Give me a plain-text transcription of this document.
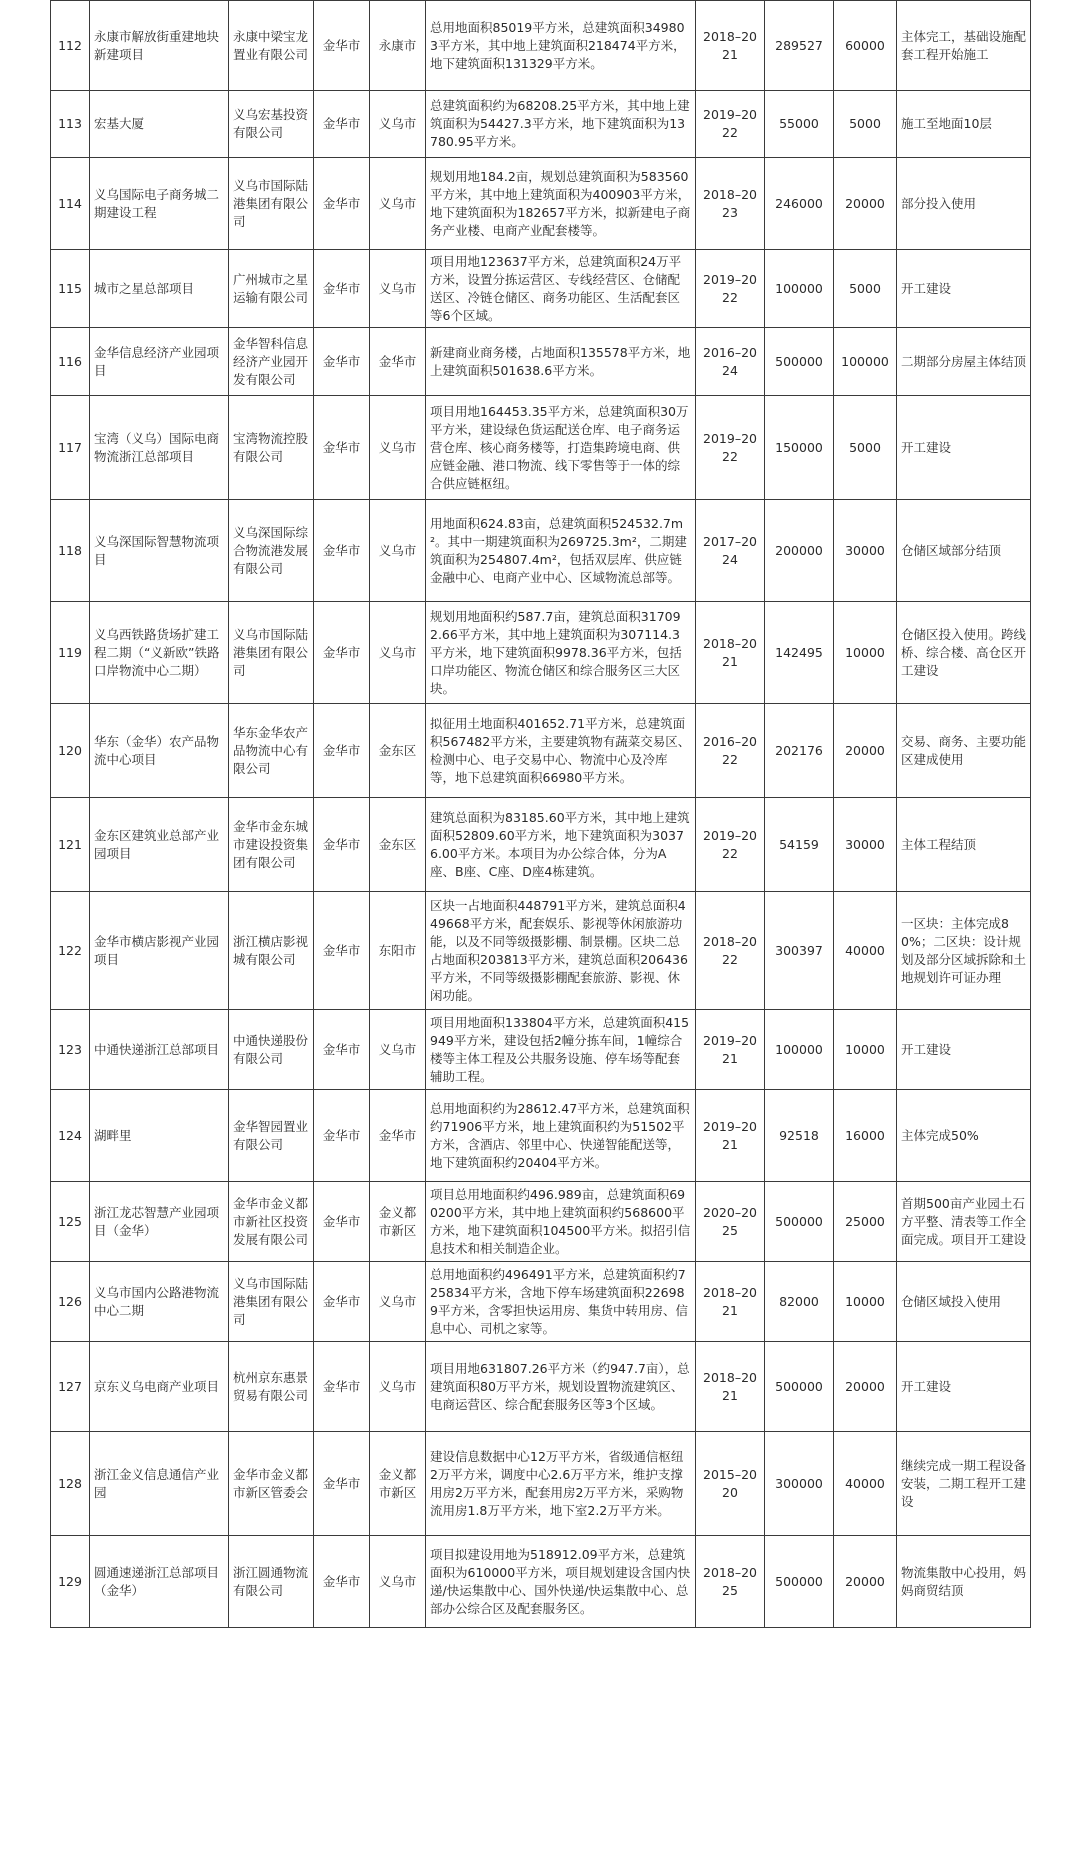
112	永康市解放街重建地块新建项目	永康中梁宝龙置业有限公司	金华市	永康市	总用地面积85019平方米，总建筑面积349803平方米，其中地上建筑面积218474平方米，地下建筑面积131329平方米。	2018–2021	289527	60000	主体完工，基础设施配套工程开始施工
113	宏基大厦	义乌宏基投资有限公司	金华市	义乌市	总建筑面积约为68208.25平方米，其中地上建筑面积为54427.3平方米，地下建筑面积为13780.95平方米。	2019–2022	55000	5000	施工至地面10层
114	义乌国际电子商务城二期建设工程	义乌市国际陆港集团有限公司	金华市	义乌市	规划用地184.2亩，规划总建筑面积为583560平方米，其中地上建筑面积为400903平方米，地下建筑面积为182657平方米，拟新建电子商务产业楼、电商产业配套楼等。	2018–2023	246000	20000	部分投入使用
115	城市之星总部项目	广州城市之星运输有限公司	金华市	义乌市	项目用地123637平方米，总建筑面积24万平方米，设置分拣运营区、专线经营区、仓储配送区、冷链仓储区、商务功能区、生活配套区等6个区域。	2019–2022	100000	5000	开工建设
116	金华信息经济产业园项目	金华智科信息经济产业园开发有限公司	金华市	金华市	新建商业商务楼，占地面积135578平方米，地上建筑面积501638.6平方米。	2016–2024	500000	100000	二期部分房屋主体结顶
117	宝湾（义乌）国际电商物流浙江总部项目	宝湾物流控股有限公司	金华市	义乌市	项目用地164453.35平方米，总建筑面积30万平方米，建设绿色货运配送仓库、电子商务运营仓库、核心商务楼等，打造集跨境电商、供应链金融、港口物流、线下零售等于一体的综合供应链枢纽。	2019–2022	150000	5000	开工建设
118	义乌深国际智慧物流项目	义乌深国际综合物流港发展有限公司	金华市	义乌市	用地面积624.83亩，总建筑面积524532.7m²。其中一期建筑面积为269725.3m²，二期建筑面积为254807.4m²，包括双层库、供应链金融中心、电商产业中心、区域物流总部等。	2017–2024	200000	30000	仓储区域部分结顶
119	义乌西铁路货场扩建工程二期（“义新欧”铁路口岸物流中心二期）	义乌市国际陆港集团有限公司	金华市	义乌市	规划用地面积约587.7亩，建筑总面积317092.66平方米，其中地上建筑面积为307114.3平方米，地下建筑面积9978.36平方米，包括口岸功能区、物流仓储区和综合服务区三大区块。	2018–2021	142495	10000	仓储区投入使用。跨线桥、综合楼、高仓区开工建设
120	华东（金华）农产品物流中心项目	华东金华农产品物流中心有限公司	金华市	金东区	拟征用土地面积401652.71平方米，总建筑面积567482平方米，主要建筑物有蔬菜交易区、检测中心、电子交易中心、物流中心及冷库等，地下总建筑面积66980平方米。	2016–2022	202176	20000	交易、商务、主要功能区建成使用
121	金东区建筑业总部产业园项目	金华市金东城市建设投资集团有限公司	金华市	金东区	建筑总面积为83185.60平方米，其中地上建筑面积52809.60平方米，地下建筑面积为30376.00平方米。本项目为办公综合体，分为A座、B座、C座、D座4栋建筑。	2019–2022	54159	30000	主体工程结顶
122	金华市横店影视产业园项目	浙江横店影视城有限公司	金华市	东阳市	区块一占地面积448791平方米，建筑总面积449668平方米，配套娱乐、影视等休闲旅游功能，以及不同等级摄影棚、制景棚。区块二总占地面积203813平方米，建筑总面积206436平方米，不同等级摄影棚配套旅游、影视、休闲功能。	2018–2022	300397	40000	一区块：主体完成80%；二区块：设计规划及部分区域拆除和土地规划许可证办理
123	中通快递浙江总部项目	中通快递股份有限公司	金华市	义乌市	项目用地面积133804平方米，总建筑面积415949平方米，建设包括2幢分拣车间，1幢综合楼等主体工程及公共服务设施、停车场等配套辅助工程。	2019–2021	100000	10000	开工建设
124	湖畔里	金华智园置业有限公司	金华市	金华市	总用地面积约为28612.47平方米，总建筑面积约71906平方米，地上建筑面积约为51502平方米，含酒店、邻里中心、快递智能配送等，地下建筑面积约20404平方米。	2019–2021	92518	16000	主体完成50%
125	浙江龙芯智慧产业园项目（金华）	金华市金义都市新社区投资发展有限公司	金华市	金义都市新区	项目总用地面积约496.989亩，总建筑面积690200平方米，其中地上建筑面积约568600平方米，地下建筑面积104500平方米。拟招引信息技术和相关制造企业。	2020–2025	500000	25000	首期500亩产业园土石方平整、清表等工作全面完成。项目开工建设
126	义乌市国内公路港物流中心二期	义乌市国际陆港集团有限公司	金华市	义乌市	总用地面积约496491平方米，总建筑面积约725834平方米，含地下停车场建筑面积226989平方米，含零担快运用房、集货中转用房、信息中心、司机之家等。	2018–2021	82000	10000	仓储区域投入使用
127	京东义乌电商产业项目	杭州京东惠景贸易有限公司	金华市	义乌市	项目用地631807.26平方米（约947.7亩），总建筑面积80万平方米，规划设置物流建筑区、电商运营区、综合配套服务区等3个区域。	2018–2021	500000	20000	开工建设
128	浙江金义信息通信产业园	金华市金义都市新区管委会	金华市	金义都市新区	建设信息数据中心12万平方米，省级通信枢纽2万平方米，调度中心2.6万平方米，维护支撑用房2万平方米，配套用房2万平方米，采购物流用房1.8万平方米，地下室2.2万平方米。	2015–2020	300000	40000	继续完成一期工程设备安装，二期工程开工建设
129	圆通速递浙江总部项目（金华）	浙江圆通物流有限公司	金华市	义乌市	项目拟建设用地为518912.09平方米，总建筑面积为610000平方米，项目规划建设含国内快递/快运集散中心、国外快递/快运集散中心、总部办公综合区及配套服务区。	2018–2025	500000	20000	物流集散中心投用，妈妈商贸结顶
